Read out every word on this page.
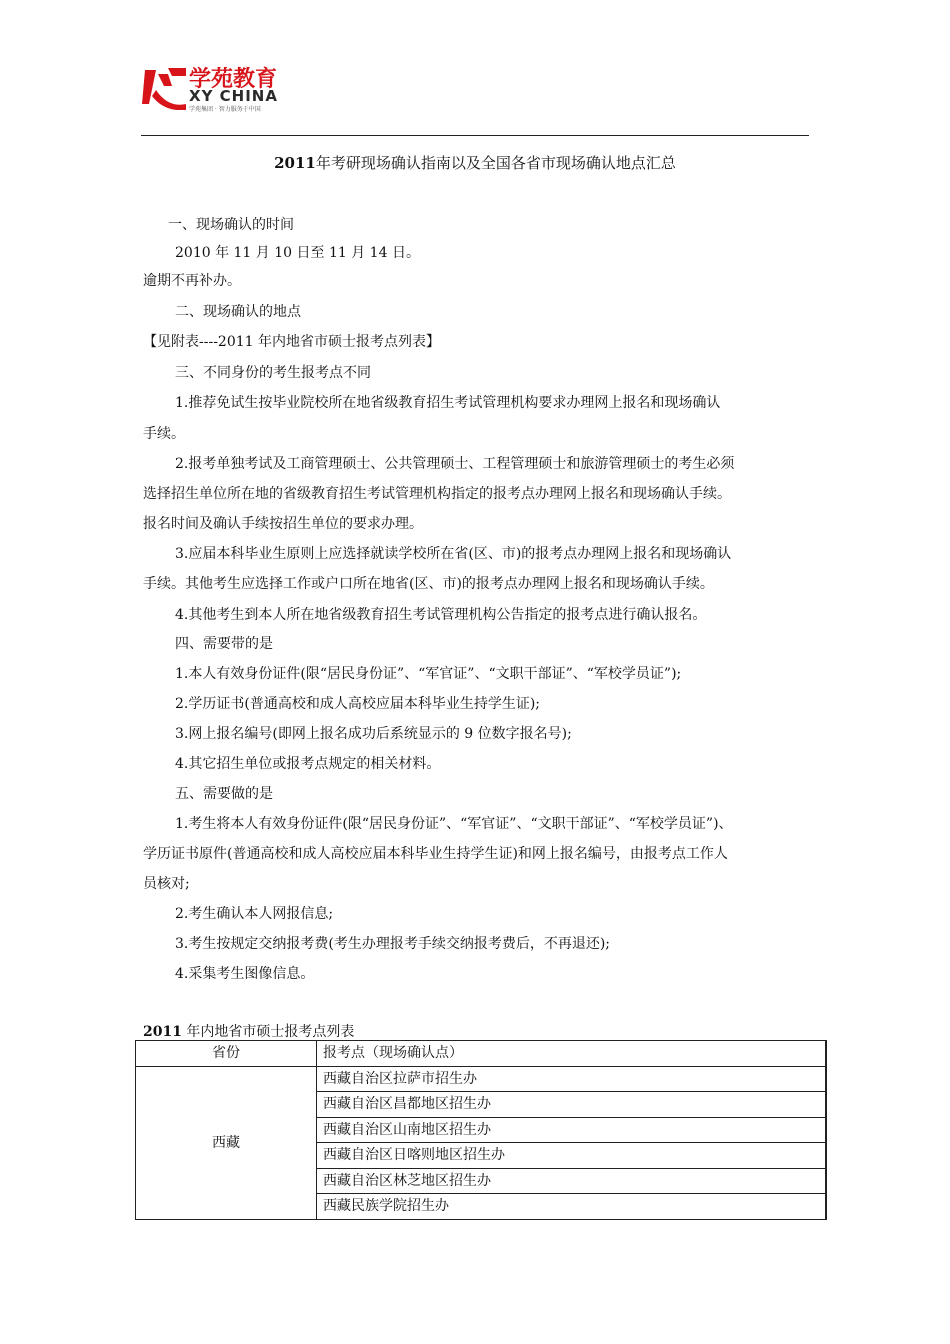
学苑教育
XY CHINA
学苑集团 · 智力服务于中国
2011年考研现场确认指南以及全国各省市现场确认地点汇总
一、现场确认的时间
2010 年 11 月 10 日至 11 月 14 日。
逾期不再补办。
二、现场确认的地点
【见附表----2011 年内地省市硕士报考点列表】
三、不同身份的考生报考点不同
1.推荐免试生按毕业院校所在地省级教育招生考试管理机构要求办理网上报名和现场确认
手续。
2.报考单独考试及工商管理硕士、公共管理硕士、工程管理硕士和旅游管理硕士的考生必须
选择招生单位所在地的省级教育招生考试管理机构指定的报考点办理网上报名和现场确认手续。
报名时间及确认手续按招生单位的要求办理。
3.应届本科毕业生原则上应选择就读学校所在省(区、市)的报考点办理网上报名和现场确认
手续。其他考生应选择工作或户口所在地省(区、市)的报考点办理网上报名和现场确认手续。
4.其他考生到本人所在地省级教育招生考试管理机构公告指定的报考点进行确认报名。
四、需要带的是
1.本人有效身份证件(限“居民身份证”、“军官证”、“文职干部证”、“军校学员证”);
2.学历证书(普通高校和成人高校应届本科毕业生持学生证);
3.网上报名编号(即网上报名成功后系统显示的 9 位数字报名号);
4.其它招生单位或报考点规定的相关材料。
五、需要做的是
1.考生将本人有效身份证件(限“居民身份证”、“军官证”、“文职干部证”、“军校学员证”)、
学历证书原件(普通高校和成人高校应届本科毕业生持学生证)和网上报名编号，由报考点工作人
员核对;
2.考生确认本人网报信息;
3.考生按规定交纳报考费(考生办理报考手续交纳报考费后，不再退还);
4.采集考生图像信息。
2011 年内地省市硕士报考点列表
省份	报考点（现场确认点）
西藏	西藏自治区拉萨市招生办
	西藏自治区昌都地区招生办
	西藏自治区山南地区招生办
	西藏自治区日喀则地区招生办
	西藏自治区林芝地区招生办
	西藏民族学院招生办
